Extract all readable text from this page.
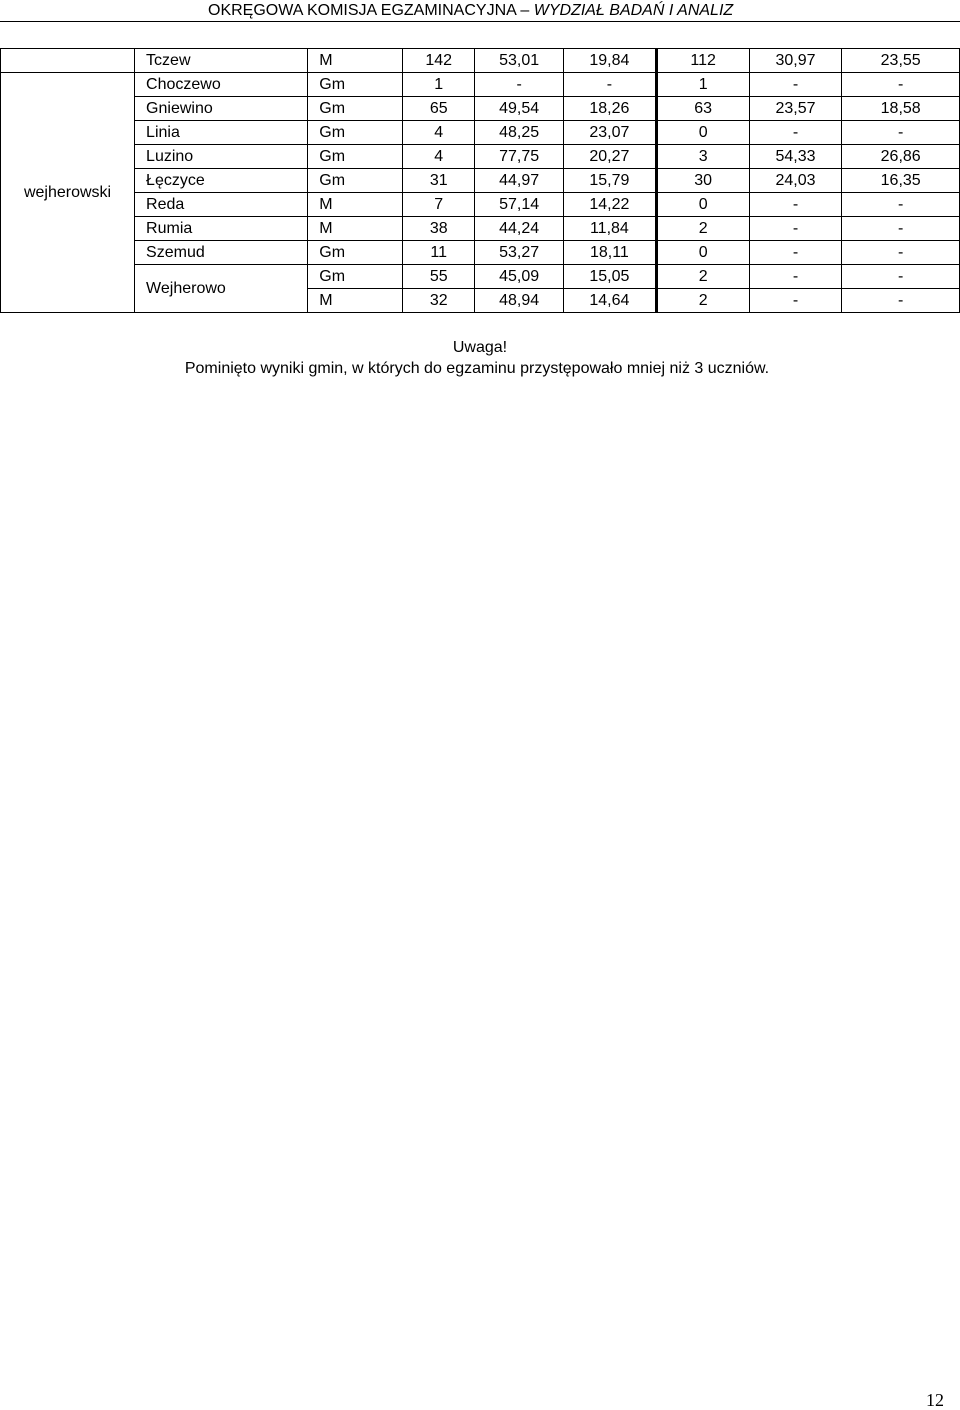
OKRĘGOWA KOMISJA EGZAMINACYJNA – WYDZIAŁ BADAŃ I ANALIZ
	Tczew	M	142	53,01	19,84	112	30,97	23,55
wejherowski	Choczewo	Gm	1	-	-	1	-	-
	Gniewino	Gm	65	49,54	18,26	63	23,57	18,58
	Linia	Gm	4	48,25	23,07	0	-	-
	Luzino	Gm	4	77,75	20,27	3	54,33	26,86
	Łęczyce	Gm	31	44,97	15,79	30	24,03	16,35
	Reda	M	7	57,14	14,22	0	-	-
	Rumia	M	38	44,24	11,84	2	-	-
	Szemud	Gm	11	53,27	18,11	0	-	-
	Wejherowo	Gm	55	45,09	15,05	2	-	-
		M	32	48,94	14,64	2	-	-
Uwaga!
Pominięto wyniki gmin, w których do egzaminu przystępowało mniej niż 3 uczniów.
12
